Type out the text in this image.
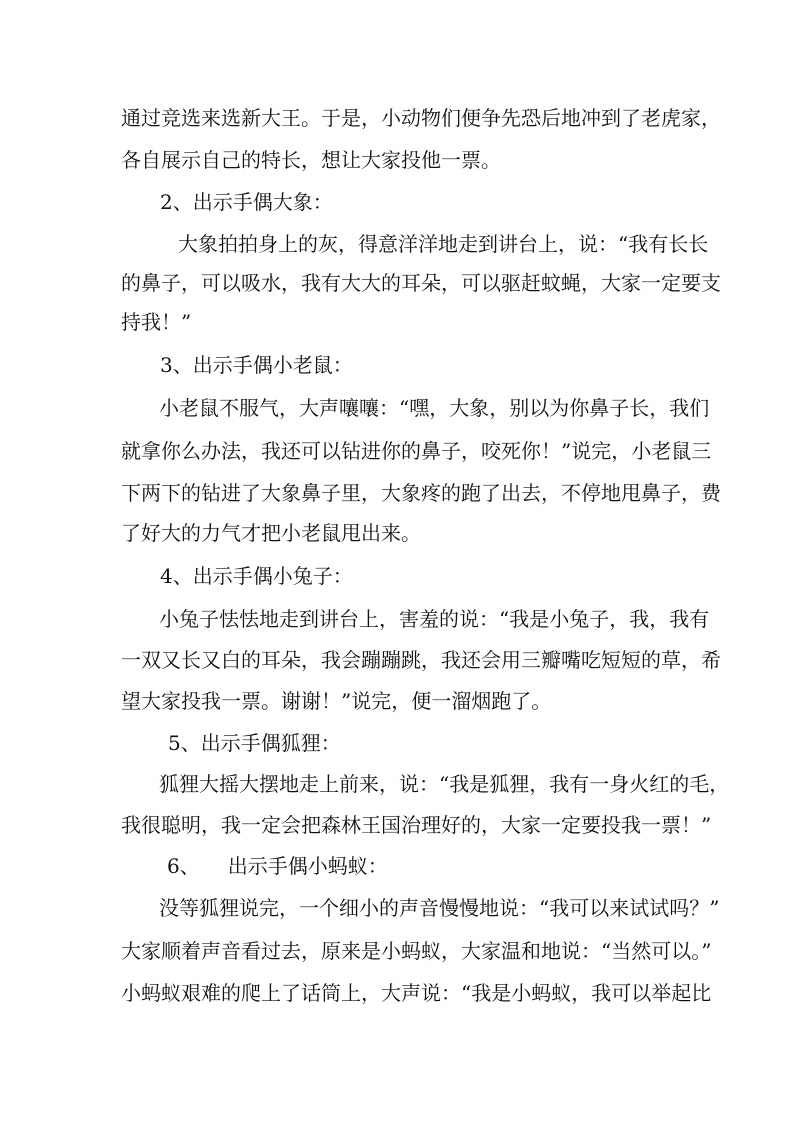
通过竞选来选新大王。于是，小动物们便争先恐后地冲到了老虎家，
各自展示自己的特长，想让大家投他一票。
2、出示手偶大象：
大象拍拍身上的灰，得意洋洋地走到讲台上，说：“我有长长
的鼻子，可以吸水，我有大大的耳朵，可以驱赶蚊蝇，大家一定要支
持我！”
3、出示手偶小老鼠：
小老鼠不服气，大声嚷嚷：“嘿，大象，别以为你鼻子长，我们
就拿你么办法，我还可以钻进你的鼻子，咬死你！”说完，小老鼠三
下两下的钻进了大象鼻子里，大象疼的跑了出去，不停地甩鼻子，费
了好大的力气才把小老鼠甩出来。
4、出示手偶小兔子：
小兔子怯怯地走到讲台上，害羞的说：“我是小兔子，我，我有
一双又长又白的耳朵，我会蹦蹦跳，我还会用三瓣嘴吃短短的草，希
望大家投我一票。谢谢！”说完，便一溜烟跑了。
5、出示手偶狐狸：
狐狸大摇大摆地走上前来，说：“我是狐狸，我有一身火红的毛，
我很聪明，我一定会把森林王国治理好的，大家一定要投我一票！”
6、 出示手偶小蚂蚁：
没等狐狸说完，一个细小的声音慢慢地说：“我可以来试试吗？”
大家顺着声音看过去，原来是小蚂蚁，大家温和地说：“当然可以。”
小蚂蚁艰难的爬上了话筒上，大声说：“我是小蚂蚁，我可以举起比
